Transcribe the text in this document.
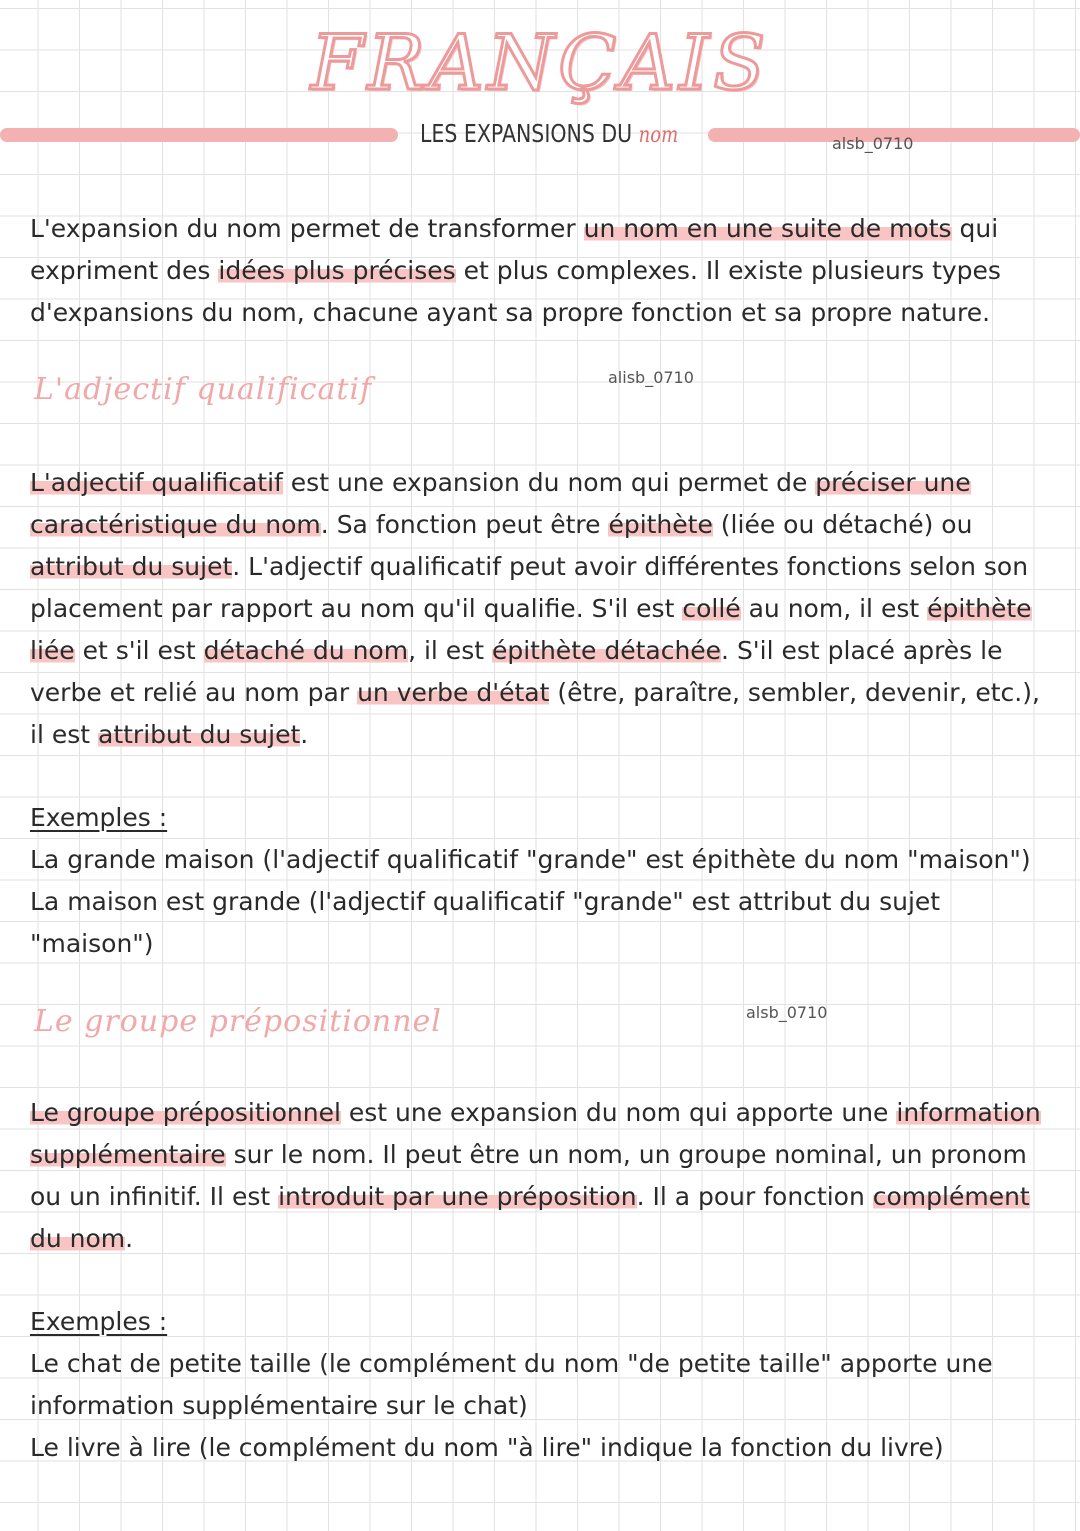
FRANÇAIS
LES EXPANSIONS DU nom	alsb_0710
L'expansion du nom permet de transformer un nom en une suite de mots qui expriment des idées plus précises et plus complexes. Il existe plusieurs types d'expansions du nom, chacune ayant sa propre fonction et sa propre nature.
L'adjectif qualificatif	alisb_0710
L'adjectif qualificatif est une expansion du nom qui permet de préciser une caractéristique du nom. Sa fonction peut être épithète (liée ou détaché) ou attribut du sujet. L'adjectif qualificatif peut avoir différentes fonctions selon son placement par rapport au nom qu'il qualifie. S'il est collé au nom, il est épithète liée et s'il est détaché du nom, il est épithète détachée. S'il est placé après le verbe et relié au nom par un verbe d'état (être, paraître, sembler, devenir, etc.), il est attribut du sujet.
Exemples :
La grande maison (l'adjectif qualificatif "grande" est épithète du nom "maison")
La maison est grande (l'adjectif qualificatif "grande" est attribut du sujet "maison")
Le groupe prépositionnel	alsb_0710
Le groupe prépositionnel est une expansion du nom qui apporte une information supplémentaire sur le nom. Il peut être un nom, un groupe nominal, un pronom ou un infinitif. Il est introduit par une préposition. Il a pour fonction complément du nom.
Exemples :
Le chat de petite taille (le complément du nom "de petite taille" apporte une information supplémentaire sur le chat)
Le livre à lire (le complément du nom "à lire" indique la fonction du livre)
